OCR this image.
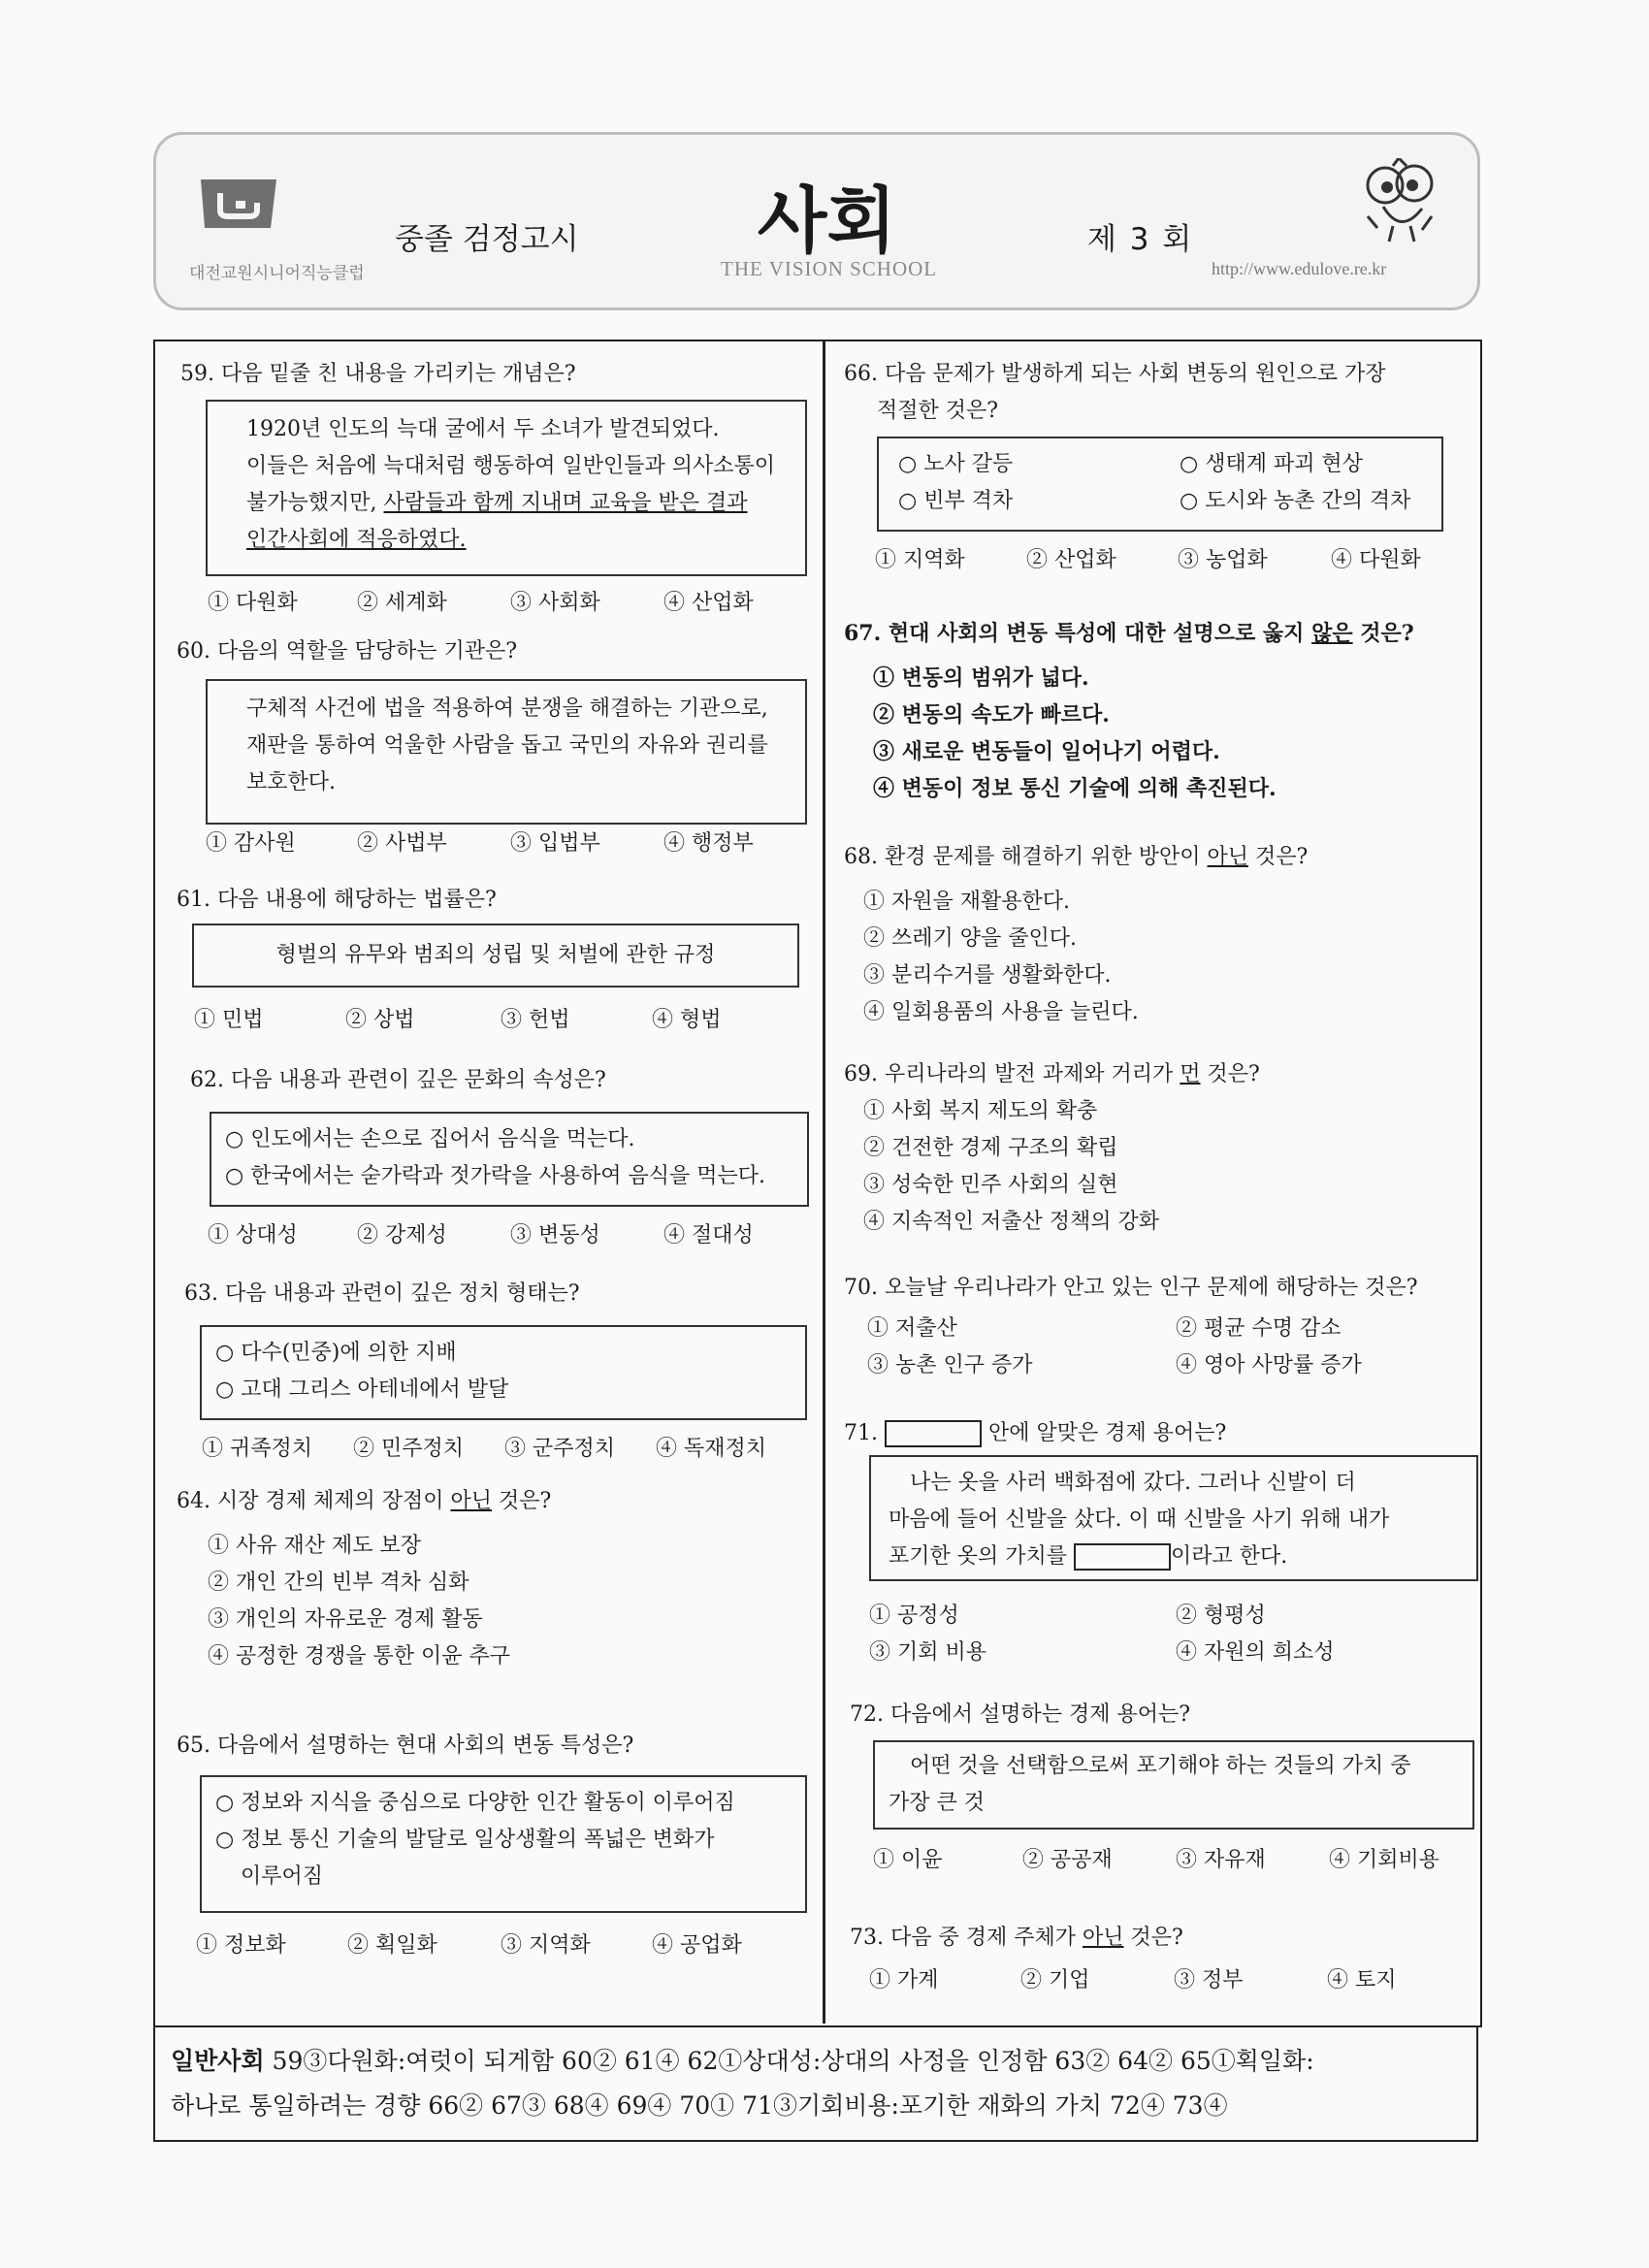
대전교원시니어직능클럽
중졸 검정고시 사회
THE VISION SCHOOL
제 3 회
http://www.edulove.re.kr
59. 다음 밑줄 친 내용을 가리키는 개념은?
1920년 인도의 늑대 굴에서 두 소녀가 발견되었다.
이들은 처음에 늑대처럼 행동하여 일반인들과 의사소통이
불가능했지만, 사람들과 함께 지내며 교육을 받은 결과
인간사회에 적응하였다.
① 다원화	② 세계화	③ 사회화	④ 산업화
60. 다음의 역할을 담당하는 기관은?
구체적 사건에 법을 적용하여 분쟁을 해결하는 기관으로,
재판을 통하여 억울한 사람을 돕고 국민의 자유와 권리를
보호한다.
① 감사원	② 사법부	③ 입법부	④ 행정부
61. 다음 내용에 해당하는 법률은?
형벌의 유무와 범죄의 성립 및 처벌에 관한 규정
① 민법	② 상법	③ 헌법	④ 형법
62. 다음 내용과 관련이 깊은 문화의 속성은?
○ 인도에서는 손으로 집어서 음식을 먹는다.
○ 한국에서는 숟가락과 젓가락을 사용하여 음식을 먹는다.
① 상대성	② 강제성	③ 변동성	④ 절대성
63. 다음 내용과 관련이 깊은 정치 형태는?
○ 다수(민중)에 의한 지배
○ 고대 그리스 아테네에서 발달
① 귀족정치 ② 민주정치 ③ 군주정치 ④ 독재정치
64. 시장 경제 체제의 장점이 아닌 것은?
① 사유 재산 제도 보장
② 개인 간의 빈부 격차 심화
③ 개인의 자유로운 경제 활동
④ 공정한 경쟁을 통한 이윤 추구
65. 다음에서 설명하는 현대 사회의 변동 특성은?
○ 정보와 지식을 중심으로 다양한 인간 활동이 이루어짐
○ 정보 통신 기술의 발달로 일상생활의 폭넓은 변화가
이루어짐
① 정보화	② 획일화	③ 지역화	④ 공업화
66. 다음 문제가 발생하게 되는 사회 변동의 원인으로 가장
적절한 것은?
○ 노사 갈등	○ 생태계 파괴 현상
○ 빈부 격차	○ 도시와 농촌 간의 격차
① 지역화	② 산업화	③ 농업화	④ 다원화
67. 현대 사회의 변동 특성에 대한 설명으로 옳지 않은 것은?
① 변동의 범위가 넓다.
② 변동의 속도가 빠르다.
③ 새로운 변동들이 일어나기 어렵다.
④ 변동이 정보 통신 기술에 의해 촉진된다.
68. 환경 문제를 해결하기 위한 방안이 아닌 것은?
① 자원을 재활용한다.
② 쓰레기 양을 줄인다.
③ 분리수거를 생활화한다.
④ 일회용품의 사용을 늘린다.
69. 우리나라의 발전 과제와 거리가 먼 것은?
① 사회 복지 제도의 확충
② 건전한 경제 구조의 확립
③ 성숙한 민주 사회의 실현
④ 지속적인 저출산 정책의 강화
70. 오늘날 우리나라가 안고 있는 인구 문제에 해당하는 것은?
① 저출산	② 평균 수명 감소
③ 농촌 인구 증가	④ 영아 사망률 증가
71.	안에 알맞은 경제 용어는?
나는 옷을 사러 백화점에 갔다. 그러나 신발이 더
마음에 들어 신발을 샀다. 이 때 신발을 사기 위해 내가
포기한 옷의 가치를	이라고 한다.
① 공정성	② 형평성
③ 기회 비용	④ 자원의 희소성
72. 다음에서 설명하는 경제 용어는?
어떤 것을 선택함으로써 포기해야 하는 것들의 가치 중
가장 큰 것
① 이윤	② 공공재	③ 자유재	④ 기회비용
73. 다음 중 경제 주체가 아닌 것은?
① 가계	② 기업	③ 정부	④ 토지
일반사회 59③다원화:여럿이 되게함 60② 61④ 62①상대성:상대의 사정을 인정함 63② 64② 65①획일화:
하나로 통일하려는 경향 66② 67③ 68④ 69④ 70① 71③기회비용:포기한 재화의 가치 72④ 73④
